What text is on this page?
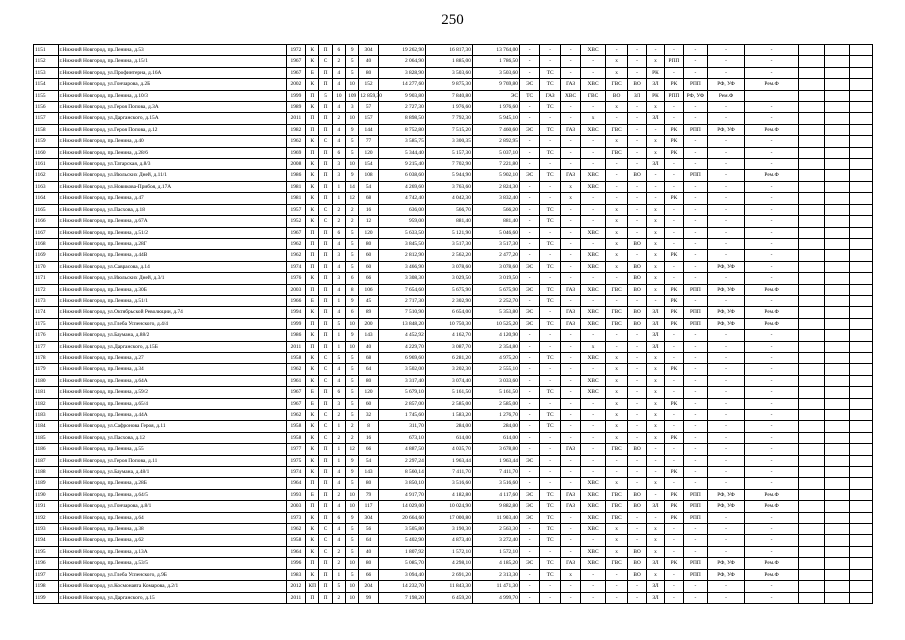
250
1151	г.Нижний Новгород, пр.Ленина, д.53	1972	К	П	6	9	304	19 262,90	16 817,30	13 764,00	-	-	-	ХВС	-	-	-	-	-	-	-			
1152	г.Нижний Новгород, пр.Ленина, д.15/1	1967	К	С	2	5	40	2 064,90	1 885,00	1 786,50	-	-	-	-	х	-	х	РПП	-	-	-			
1153	г.Нижний Новгород, ул.Профинтерна, д.16А	1967	Б	П	4	5	80	3 828,90	3 503,60	3 503,60	-	ТС	-	-	х	-	РК	-	-	-	-			
1154	г.Нижний Новгород, ул.Гончарова, д.2Б	2002	К	П	4	10	152	14 277,60	9 875,30	9 769,80	ЭС	ТС	ГАЗ	ХВС	ГВС	ВО	ЗЛ	РК	РПП	РФ, УФ	Рем.Ф			
1155	г.Нижний Новгород, пр.Ленина, д.10/3	1999	П	5	10	109	12 859,30	9 903,80	7 840,80	ЭС	ТС	ГАЗ	ХВС	ГВС	ВО	ЗЛ	РК	РПП	РФ, УФ	Рем.Ф				
1156	г.Нижний Новгород, ул.Героя Попова, д.3А	1989	К	П	4	3	57	2 727,30	1 976,60	1 976,60	-	ТС	-	-	х	-	х	-	-	-	-			
1157	г.Нижний Новгород, ул.Дарганского, д.15А	2011	П	П	2	10	157	8 898,50	7 792,30	5 945,10	-	-	-	х	-	-	ЗЛ	-	-	-	-			
1158	г.Нижний Новгород, ул.Героя Попова, д.12	1982	П	П	4	9	144	8 752,80	7 515,20	7 460,60	ЭС	ТС	ГАЗ	ХВС	ГВС	-	-	РК	РПП	РФ, УФ	Рем.Ф			
1159	г.Нижний Новгород, пр.Ленина, д.40	1962	К	С	4	5	77	3 585,75	3 300,35	2 892,95	-	-	-	-	х	-	х	РК	-	-	-			
1160	г.Нижний Новгород, пр.Ленина, д.28/6	1969	П	П	6	5	120	5 344,40	5 157,30	5 037,10	-	ТС	-	-	ГВС	-	х	РК	-	-	-			
1161	г.Нижний Новгород, ул.Татарская, д.8/3	2008	К	П	3	10	154	9 215,40	7 702,90	7 221,80	-	-	-	-	-	-	ЗЛ	-	-	-	-			
1162	г.Нижний Новгород, ул.Июльских Дней, д.11/1	1986	К	П	3	9	108	6 038,60	5 944,90	5 902,10	ЭС	ТС	ГАЗ	ХВС	-	ВО	-	-	РПП	-	Рем.Ф			
1163	г.Нижний Новгород, ул.Новикова-Прибоя, д.17А	1981	К	П	1	14	54	4 269,60	3 763,60	2 824,30	-	-	х	ХВС	-	-	-	-	-	-	-			
1164	г.Нижний Новгород, пр.Ленина, д.47	1981	К	П	1	12	68	4 742,40	4 042,30	3 832,40	-	-	х	-	-	-	-	РК	-	-	-			
1165	г.Нижний Новгород, ул.Пасхова, д.18	1957	К	С	2	2	16	636,00	566,70	566,20	-	ТС	-	-	х	-	х	-	-	-	-			
1166	г.Нижний Новгород, пр.Ленина, д.67А	1952	К	С	2	2	12	959,00	881,40	881,40	-	ТС	-	-	х	-	х	-	-	-	-			
1167	г.Нижний Новгород, пр.Ленина, д.51/2	1967	П	П	6	5	120	5 633,50	5 121,90	5 046,60	-	-	-	ХВС	х	-	х	-	-	-	-			
1168	г.Нижний Новгород, пр.Ленина, д.28Г	1962	П	П	4	5	80	3 845,50	3 517,30	3 517,30	-	ТС	-	-	х	ВО	х	-	-	-	-			
1169	г.Нижний Новгород, пр.Ленина, д.44В	1962	П	П	3	5	60	2 812,90	2 562,20	2 477,20	-	-	-	ХВС	х	-	х	РК	-	-	-			
1170	г.Нижний Новгород, ул.Саврасова, д.14	1974	П	П	4	5	60	3 466,90	3 078,60	3 078,60	ЭС	ТС	-	ХВС	х	ВО	х	-	-	РФ, УФ	-			
1171	г.Нижний Новгород, ул.Июльских Дней, д.3/1	1976	К	П	3	6	66	3 308,30	3 029,50	3 019,50	-	-	-	-	-	ВО	х	-	-	-	-			
1172	г.Нижний Новгород, пр.Ленина, д.30Б	2003	П	П	4	8	106	7 654,60	5 675,90	5 675,90	ЭС	ТС	ГАЗ	ХВС	ГВС	ВО	х	РК	РПП	РФ, УФ	Рем.Ф			
1173	г.Нижний Новгород, пр.Ленина, д.51/1	1966	Б	П	1	9	45	2 717,30	2 302,90	2 252,70	-	ТС	-	-	-	-	-	РК	-	-	-			
1174	г.Нижний Новгород, ул.Октябрьской Революции, д.74	1994	К	П	4	6	89	7 510,90	6 654,00	5 353,80	ЭС	-	ГАЗ	ХВС	ГВС	ВО	ЗЛ	РК	РПП	РФ, УФ	Рем.Ф			
1175	г.Нижний Новгород, ул.Глеба Успенского, д.4/4	1999	П	П	5	10	200	13 848,20	10 750,30	10 525,20	ЭС	ТС	ГАЗ	ХВС	ГВС	ВО	ЗЛ	РК	РПП	РФ, УФ	Рем.Ф			
1176	г.Нижний Новгород, ул.Баумана, д.88/2	1986	К	П	1	9	143	4 452,92	4 162,70	4 120,90	-	-	-	-	-	-	ЗЛ	-	-	-	-			
1177	г.Нижний Новгород, ул.Дарганского, д.15Б	2011	П	П	1	10	40	4 229,70	3 087,70	2 354,80	-	-	-	х	-	-	ЗЛ	-	-	-	-			
1178	г.Нижний Новгород, пр.Ленина, д.27	1958	К	С	5	5	68	6 969,60	6 281,20	4 975,20	-	ТС	-	ХВС	х	-	х	-	-	-	-			
1179	г.Нижний Новгород, пр.Ленина, д.34	1962	К	С	4	5	64	3 502,00	3 202,30	2 555,10	-	-	-	-	х	-	х	РК	-	-	-			
1180	г.Нижний Новгород, пр.Ленина, д.64А	1961	К	С	4	5	80	3 317,40	3 074,40	3 033,60	-	-	-	ХВС	х	-	х	-	-	-	-			
1181	г.Нижний Новгород, пр.Ленина, д.59/2	1967	Б	П	6	5	120	5 679,10	5 161,50	5 161,50	-	ТС	-	ХВС	х	-	х	-	-	-	-			
1182	г.Нижний Новгород, пр.Ленина, д.65/4	1967	Б	П	3	5	60	2 857,00	2 585,00	2 585,00	-	-	-	-	х	-	х	РК	-	-	-			
1183	г.Нижний Новгород, пр.Ленина, д.44А	1962	К	С	2	5	32	1 745,60	1 583,20	1 276,70	-	ТС	-	-	х	-	х	-	-	-	-			
1184	г.Нижний Новгород, ул.Сафронова Героя, д.11	1958	К	С	1	2	8	311,70	284,00	284,00	-	ТС	-	-	х	-	х	-	-	-	-			
1185	г.Нижний Новгород, ул.Пасхова, д.12	1958	К	С	2	2	16	673,10	614,00	614,00	-	-	-	-	х	-	х	РК	-	-	-			
1186	г.Нижний Новгород, пр.Ленина, д.55	1977	К	П	1	12	66	4 887,50	4 035,70	3 678,80	-	-	ГАЗ	-	ГВС	ВО	-	-	-	-	-			
1187	г.Нижний Новгород, ул.Героя Попова, д.11	1975	К	П	1	9	54	2 297,24	1 963,44	1 963,44	ЭС	-	-	-	-	-	-	-	-	-	-			
1188	г.Нижний Новгород, ул.Баумана, д.48/1	1974	К	П	4	9	143	8 560,14	7 411,70	7 411,70	-	-	-	-	-	-	-	РК	-	-	-			
1189	г.Нижний Новгород, пр.Ленина, д.28Б	1964	П	П	4	5	80	3 850,10	3 516,60	3 516,60	-	-	-	ХВС	х	-	х	-	-	-	-			
1190	г.Нижний Новгород, пр.Ленина, д.64/5	1993	Б	П	2	10	79	4 917,70	4 182,80	4 117,60	ЭС	ТС	ГАЗ	ХВС	ГВС	ВО	-	РК	РПП	РФ, УФ	Рем.Ф			
1191	г.Нижний Новгород, ул.Гончарова, д.8/1	2003	П	П	4	10	117	14 029,00	10 024,90	9 882,80	ЭС	ТС	ГАЗ	ХВС	ГВС	ВО	ЗЛ	РК	РПП	РФ, УФ	Рем.Ф			
1192	г.Нижний Новгород, пр.Ленина, д.64	1973	К	П	6	9	304	20 664,60	17 000,80	11 903,40	ЭС	ТС	-	ХВС	ГВС	-	-	РК	РПП	-	-			
1193	г.Нижний Новгород, пр.Ленина, д.38	1962	К	С	4	5	56	3 505,80	3 190,30	2 563,30	-	ТС	-	ХВС	х	-	х	-	-	-	-			
1194	г.Нижний Новгород, пр.Ленина, д.62	1958	К	С	4	5	64	5 402,90	4 873,40	3 272,40	-	ТС	-	-	х	-	х	-	-	-	-			
1195	г.Нижний Новгород, пр.Ленина, д.13А	1964	К	С	2	5	40	1 807,92	1 572,10	1 572,10	-	-	-	ХВС	х	ВО	х	-	-	-	-			
1196	г.Нижний Новгород, пр.Ленина, д.53/5	1996	П	П	2	10	80	5 085,70	4 298,10	4 185,20	ЭС	ТС	ГАЗ	ХВС	ГВС	ВО	ЗЛ	РК	РПП	РФ, УФ	Рем.Ф			
1197	г.Нижний Новгород, ул.Глеба Успенского, д.9Б	1983	К	П	1	5	66	3 094,40	2 691,20	2 313,30	-	ТС	х	-	-	ВО	х	-	РПП	РФ, УФ	Рем.Ф			
1198	г.Нижний Новгород, ул.Космонавта Комарова, д.2/1	2012	КП	П	5	10	204	14 232,70	11 843,30	11 471,30	-	-	-	-	-	-	ЗЛ	-	-	-	-			
1199	г.Нижний Новгород, ул.Дарганского, д.15	2011	П	П	2	10	99	7 198,20	6 459,20	4 999,70	-	-	-	-	-	-	ЗЛ	-	-	-	-			
